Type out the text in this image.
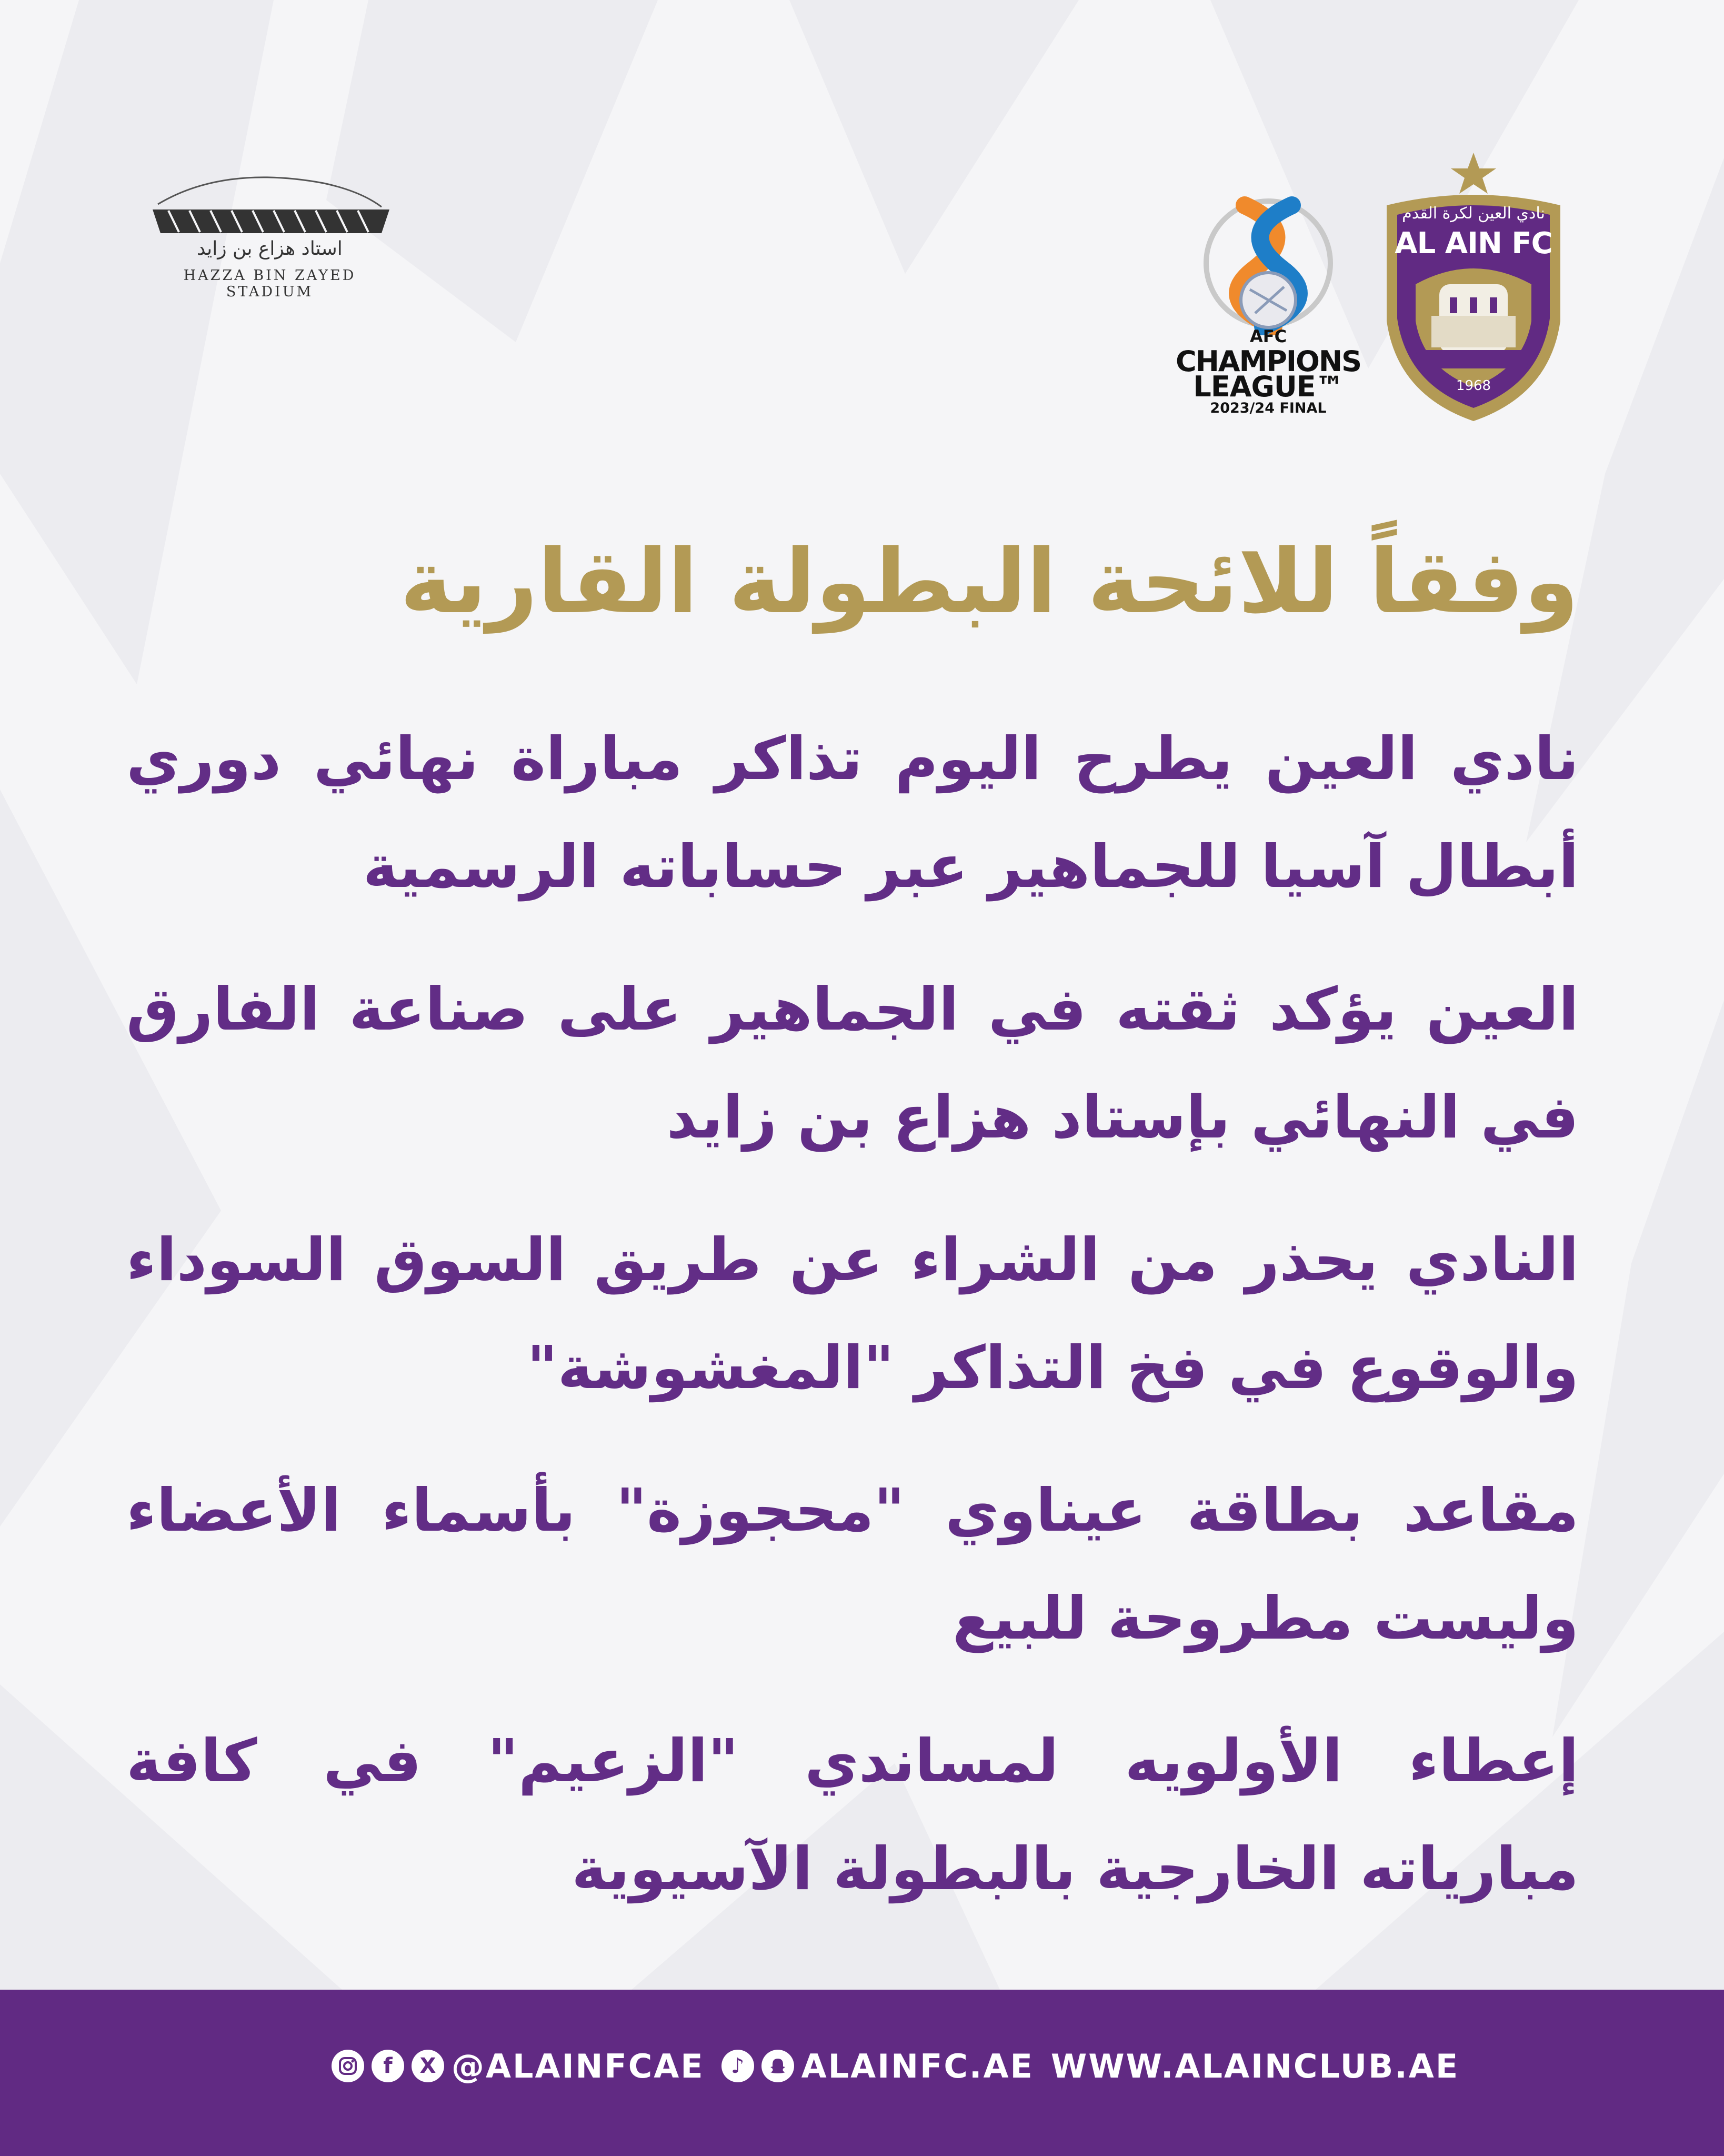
استاد هزاع بن زايد
HAZZA BIN ZAYED STADIUM
AFC
CHAMPIONS
LEAGUE™
2023/24 FINAL
نادي العين لكرة القدم
AL AIN FC
1968
وفقاً للائحة البطولة القارية

نادي العين يطرح اليوم تذاكر مباراة نهائي دوري أبطال آسيا للجماهير عبر حساباته الرسمية

العين يؤكد ثقته في الجماهير على صناعة الفارق في النهائي بإستاد هزاع بن زايد

النادي يحذر من الشراء عن طريق السوق السوداء والوقوع في فخ التذاكر "المغشوشة"

مقاعد بطاقة عيناوي "محجوزة" بأسماء الأعضاء وليست مطروحة للبيع

إعطاء الأولويه لمساندي "الزعيم" في كافة مبارياته الخارجية بالبطولة الآسيوية

f	X @ALAINFCAE	♪ ALAINFC.AE WWW.ALAINCLUB.AE
